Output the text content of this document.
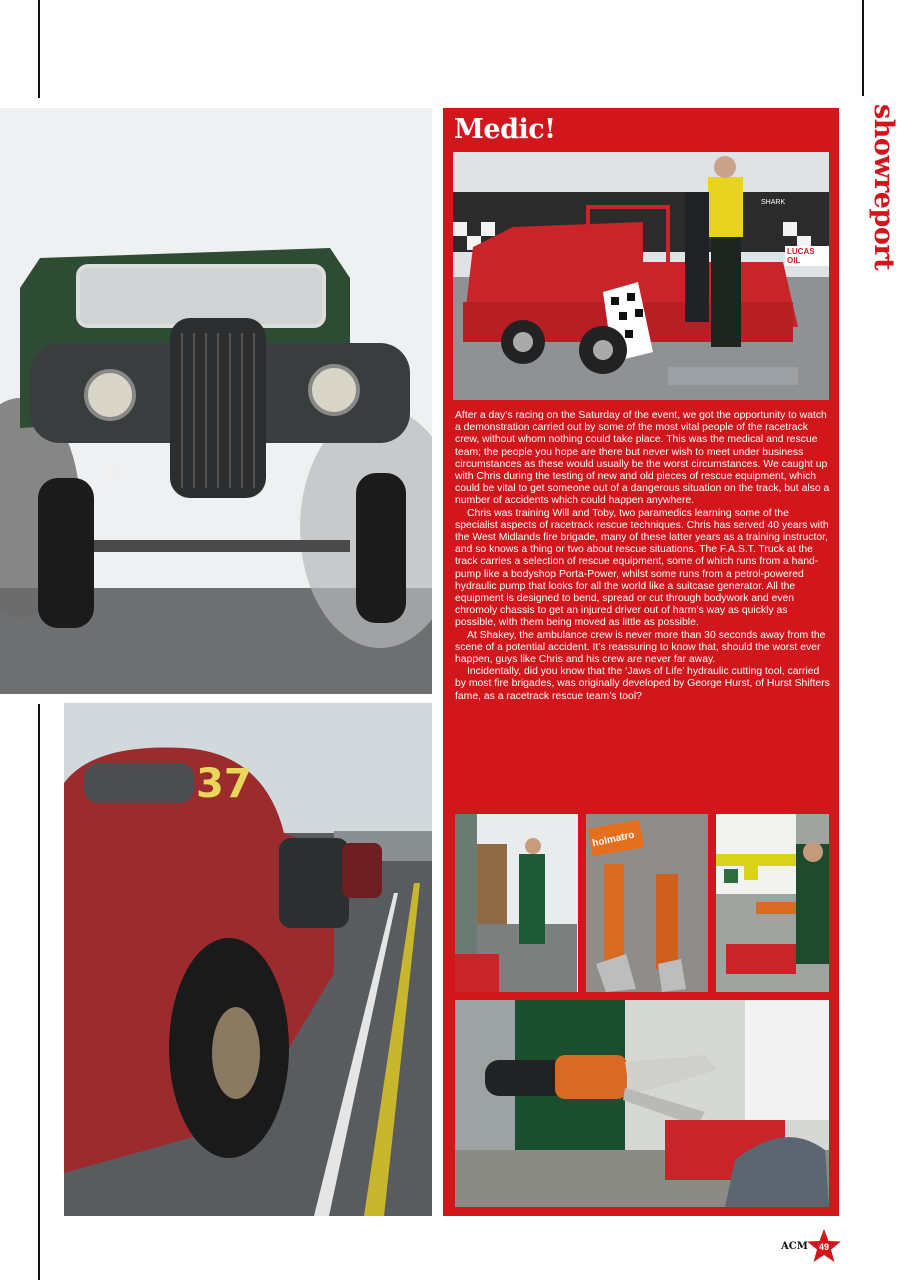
GVS
622
37
Medic!
LUCAS OIL
SHARK

After a day’s racing on the Saturday of the event, we got the opportunity to watch a demonstration carried out by some of the most vital people of the racetrack crew, without whom nothing could take place. This was the medical and rescue team; the people you hope are there but never wish to meet under business circumstances as these would usually be the worst circumstances. We caught up with Chris during the testing of new and old pieces of rescue equipment, which could be vital to get someone out of a dangerous situation on the track, but also a number of accidents which could happen anywhere.

Chris was training Will and Toby, two paramedics learning some of the specialist aspects of racetrack rescue techniques. Chris has served 40 years with the West Midlands fire brigade, many of these latter years as a training instructor, and so knows a thing or two about rescue situations. The F.A.S.T. Truck at the track carries a selection of rescue equipment, some of which runs from a hand-pump like a bodyshop Porta-Power, whilst some runs from a petrol-powered hydraulic pump that looks for all the world like a suitcase generator. All the equipment is designed to bend, spread or cut through bodywork and even chromoly chassis to get an injured driver out of harm’s way as quickly as possible, with them being moved as little as possible.

At Shakey, the ambulance crew is never more than 30 seconds away from the scene of a potential accident. It’s reassuring to know that, should the worst ever happen, guys like Chris and his crew are never far away.

Incidentally, did you know that the ‘Jaws of Life’ hydraulic cutting tool, carried by most fire brigades, was originally developed by George Hurst, of Hurst Shifters fame, as a racetrack rescue team’s tool?

holmatro
showreport
ACM	49
